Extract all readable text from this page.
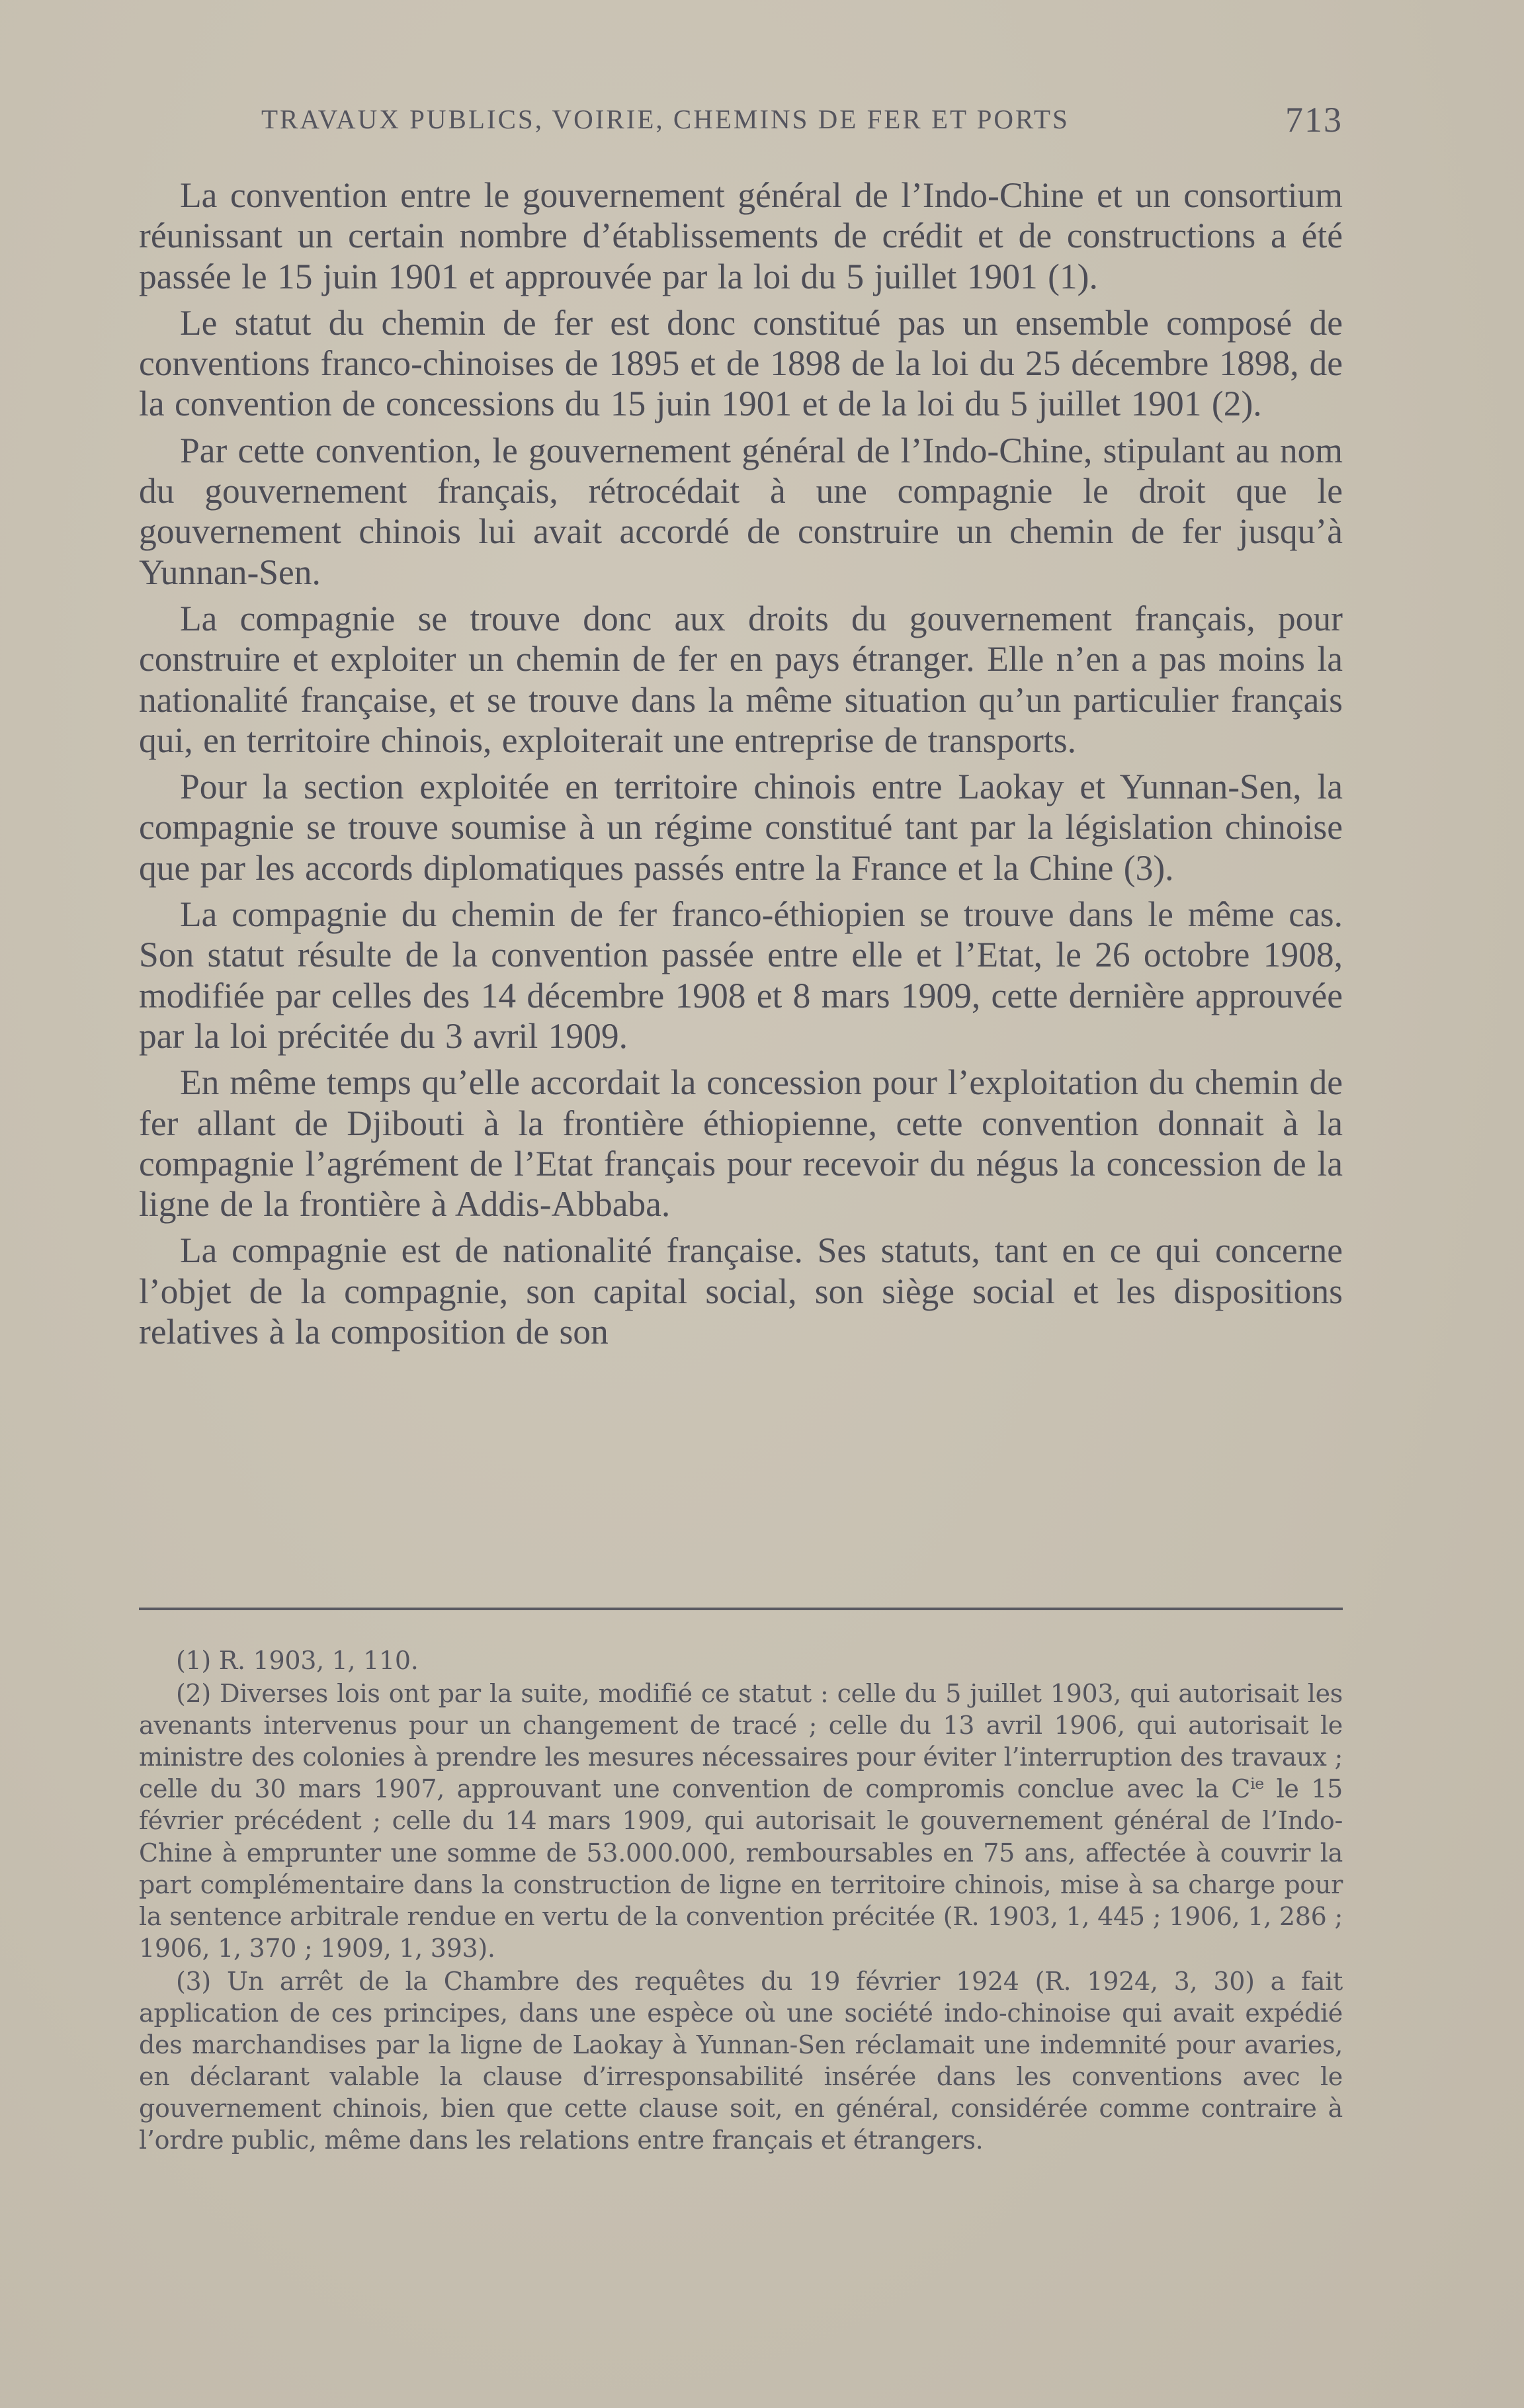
TRAVAUX PUBLICS, VOIRIE, CHEMINS DE FER ET PORTS	713

La convention entre le gouvernement général de l’Indo-Chine et un consortium réunissant un certain nombre d’établissements de crédit et de constructions a été passée le 15 juin 1901 et approuvée par la loi du 5 juillet 1901 (1).

Le statut du chemin de fer est donc constitué pas un ensemble composé de conventions franco-chinoises de 1895 et de 1898 de la loi du 25 décembre 1898, de la convention de concessions du 15 juin 1901 et de la loi du 5 juillet 1901 (2).

Par cette convention, le gouvernement général de l’Indo-Chine, stipulant au nom du gouvernement français, rétrocédait à une compagnie le droit que le gouvernement chinois lui avait accordé de construire un chemin de fer jusqu’à Yunnan-Sen.

La compagnie se trouve donc aux droits du gouvernement français, pour construire et exploiter un chemin de fer en pays étranger. Elle n’en a pas moins la nationalité française, et se trouve dans la même situation qu’un particulier français qui, en territoire chinois, exploiterait une entreprise de transports.

Pour la section exploitée en territoire chinois entre Laokay et Yunnan-Sen, la compagnie se trouve soumise à un régime constitué tant par la législation chinoise que par les accords diplomatiques passés entre la France et la Chine (3).

La compagnie du chemin de fer franco-éthiopien se trouve dans le même cas. Son statut résulte de la convention passée entre elle et l’Etat, le 26 octobre 1908, modifiée par celles des 14 décembre 1908 et 8 mars 1909, cette dernière approuvée par la loi précitée du 3 avril 1909.

En même temps qu’elle accordait la concession pour l’exploitation du chemin de fer allant de Djibouti à la frontière éthiopienne, cette convention donnait à la compagnie l’agrément de l’Etat français pour recevoir du négus la concession de la ligne de la frontière à Addis-Abbaba.

La compagnie est de nationalité française. Ses statuts, tant en ce qui concerne l’objet de la compagnie, son capital social, son siège social et les dispositions relatives à la composition de son

(1) R. 1903, 1, 110.

(2) Diverses lois ont par la suite, modifié ce statut : celle du 5 juillet 1903, qui autorisait les avenants intervenus pour un changement de tracé ; celle du 13 avril 1906, qui autorisait le ministre des colonies à prendre les mesures nécessaires pour éviter l’interruption des travaux ; celle du 30 mars 1907, approuvant une convention de compromis conclue avec la $C^{ie}$ le 15 février précédent ; celle du 14 mars 1909, qui autorisait le gouvernement général de l’Indo-Chine à emprunter une somme de 53.000.000, remboursables en 75 ans, affectée à couvrir la part complémentaire dans la construction de ligne en territoire chinois, mise à sa charge pour la sentence arbitrale rendue en vertu de la convention précitée (R. 1903, 1, 445 ; 1906, 1, 286 ; 1906, 1, 370 ; 1909, 1, 393).

(3) Un arrêt de la Chambre des requêtes du 19 février 1924 (R. 1924, 3, 30) a fait application de ces principes, dans une espèce où une société indo-chinoise qui avait expédié des marchandises par la ligne de Laokay à Yunnan-Sen réclamait une indemnité pour avaries, en déclarant valable la clause d’irresponsabilité insérée dans les conventions avec le gouvernement chinois, bien que cette clause soit, en général, considérée comme contraire à l’ordre public, même dans les relations entre français et étrangers.
